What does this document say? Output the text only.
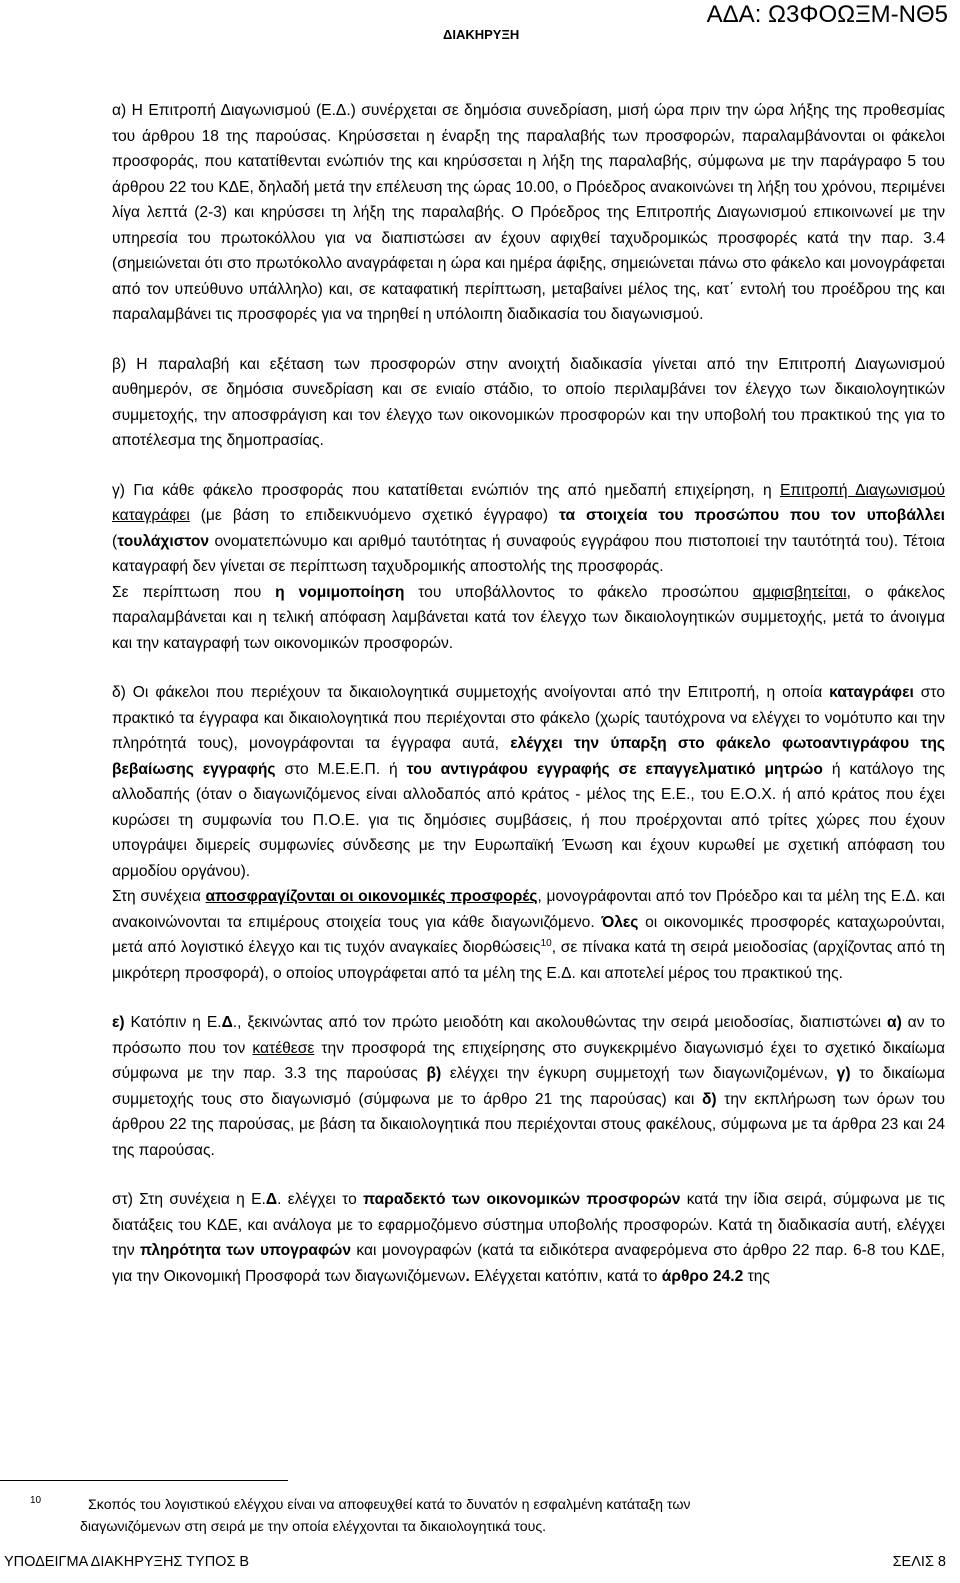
ΑΔΑ: Ω3ΦΟΩΞΜ-ΝΘ5
ΔΙΑΚΗΡΥΞΗ

α) Η Επιτροπή Διαγωνισμού (Ε.Δ.) συνέρχεται σε δημόσια συνεδρίαση, μισή ώρα πριν την ώρα λήξης της προθεσμίας του άρθρου 18 της παρούσας. Κηρύσσεται η έναρξη της παραλαβής των προσφορών, παραλαμβάνονται οι φάκελοι προσφοράς, που κατατίθενται ενώπιόν της και κηρύσσεται η λήξη της παραλαβής, σύμφωνα με την παράγραφο 5 του άρθρου 22 του ΚΔΕ, δηλαδή μετά την επέλευση της ώρας 10.00, ο Πρόεδρος ανακοινώνει τη λήξη του χρόνου, περιμένει λίγα λεπτά (2-3) και κηρύσσει τη λήξη της παραλαβής. Ο Πρόεδρος της Επιτροπής Διαγωνισμού επικοινωνεί με την υπηρεσία του πρωτοκόλλου για να διαπιστώσει αν έχουν αφιχθεί ταχυδρομικώς προσφορές κατά την παρ. 3.4 (σημειώνεται ότι στο πρωτόκολλο αναγράφεται η ώρα και ημέρα άφιξης, σημειώνεται πάνω στο φάκελο και μονογράφεται από τον υπεύθυνο υπάλληλο) και, σε καταφατική περίπτωση, μεταβαίνει μέλος της, κατ΄ εντολή του προέδρου της και παραλαμβάνει τις προσφορές για να τηρηθεί η υπόλοιπη διαδικασία του διαγωνισμού.

β) Η παραλαβή και εξέταση των προσφορών στην ανοιχτή διαδικασία γίνεται από την Επιτροπή Διαγωνισμού αυθημερόν, σε δημόσια συνεδρίαση και σε ενιαίο στάδιο, το οποίο περιλαμβάνει τον έλεγχο των δικαιολογητικών συμμετοχής, την αποσφράγιση και τον έλεγχο των οικονομικών προσφορών και την υποβολή του πρακτικού της για το αποτέλεσμα της δημοπρασίας.

γ) Για κάθε φάκελο προσφοράς που κατατίθεται ενώπιόν της από ημεδαπή επιχείρηση, η Επιτροπή Διαγωνισμού καταγράφει (με βάση το επιδεικνυόμενο σχετικό έγγραφο) τα στοιχεία του προσώπου που τον υποβάλλει (τουλάχιστον ονοματεπώνυμο και αριθμό ταυτότητας ή συναφούς εγγράφου που πιστοποιεί την ταυτότητά του). Τέτοια καταγραφή δεν γίνεται σε περίπτωση ταχυδρομικής αποστολής της προσφοράς.

Σε περίπτωση που η νομιμοποίηση του υποβάλλοντος το φάκελο προσώπου αμφισβητείται, ο φάκελος παραλαμβάνεται και η τελική απόφαση λαμβάνεται κατά τον έλεγχο των δικαιολογητικών συμμετοχής, μετά το άνοιγμα και την καταγραφή των οικονομικών προσφορών.

δ) Οι φάκελοι που περιέχουν τα δικαιολογητικά συμμετοχής ανοίγονται από την Επιτροπή, η οποία καταγράφει στο πρακτικό τα έγγραφα και δικαιολογητικά που περιέχονται στο φάκελο (χωρίς ταυτόχρονα να ελέγχει το νομότυπο και την πληρότητά τους), μονογράφονται τα έγγραφα αυτά, ελέγχει την ύπαρξη στο φάκελο φωτοαντιγράφου της βεβαίωσης εγγραφής στο Μ.Ε.Ε.Π. ή του αντιγράφου εγγραφής σε επαγγελματικό μητρώο ή κατάλογο της αλλοδαπής (όταν ο διαγωνιζόμενος είναι αλλοδαπός από κράτος - μέλος της Ε.Ε., του Ε.Ο.Χ. ή από κράτος που έχει κυρώσει τη συμφωνία του Π.Ο.Ε. για τις δημόσιες συμβάσεις, ή που προέρχονται από τρίτες χώρες που έχουν υπογράψει διμερείς συμφωνίες σύνδεσης με την Ευρωπαϊκή Ένωση και έχουν κυρωθεί με σχετική απόφαση του αρμοδίου οργάνου).

Στη συνέχεια αποσφραγίζονται οι οικονομικές προσφορές, μονογράφονται από τον Πρόεδρο και τα μέλη της Ε.Δ. και ανακοινώνονται τα επιμέρους στοιχεία τους για κάθε διαγωνιζόμενο. Όλες οι οικονομικές προσφορές καταχωρούνται, μετά από λογιστικό έλεγχο και τις τυχόν αναγκαίες διορθώσεις$^{10}$, σε πίνακα κατά τη σειρά μειοδοσίας (αρχίζοντας από τη μικρότερη προσφορά), ο οποίος υπογράφεται από τα μέλη της Ε.Δ. και αποτελεί μέρος του πρακτικού της.

ε) Κατόπιν η Ε.Δ., ξεκινώντας από τον πρώτο μειοδότη και ακολουθώντας την σειρά μειοδοσίας, διαπιστώνει α) αν το πρόσωπο που τον κατέθεσε την προσφορά της επιχείρησης στο συγκεκριμένο διαγωνισμό έχει το σχετικό δικαίωμα σύμφωνα με την παρ. 3.3 της παρούσας β) ελέγχει την έγκυρη συμμετοχή των διαγωνιζομένων, γ) το δικαίωμα συμμετοχής τους στο διαγωνισμό (σύμφωνα με το άρθρο 21 της παρούσας) και δ) την εκπλήρωση των όρων του άρθρου 22 της παρούσας, με βάση τα δικαιολογητικά που περιέχονται στους φακέλους, σύμφωνα με τα άρθρα 23 και 24 της παρούσας.

στ) Στη συνέχεια η Ε.Δ. ελέγχει το παραδεκτό των οικονομικών προσφορών κατά την ίδια σειρά, σύμφωνα με τις διατάξεις του ΚΔΕ, και ανάλογα με το εφαρμοζόμενο σύστημα υποβολής προσφορών. Κατά τη διαδικασία αυτή, ελέγχει την πληρότητα των υπογραφών και μονογραφών (κατά τα ειδικότερα αναφερόμενα στο άρθρο 22 παρ. 6-8 του ΚΔΕ, για την Οικονομική Προσφορά των διαγωνιζόμενων. Ελέγχεται κατόπιν, κατά το άρθρο 24.2 της

10	Σκοπός του λογιστικού ελέγχου είναι να αποφευχθεί κατά το δυνατόν η εσφαλμένη κατάταξη των
διαγωνιζόμενων στη σειρά με την οποία ελέγχονται τα δικαιολογητικά τους.
ΥΠΟΔΕΙΓΜΑ ΔΙΑΚΗΡΥΞΗΣ ΤΥΠΟΣ Β	ΣΕΛΙΣ 8
